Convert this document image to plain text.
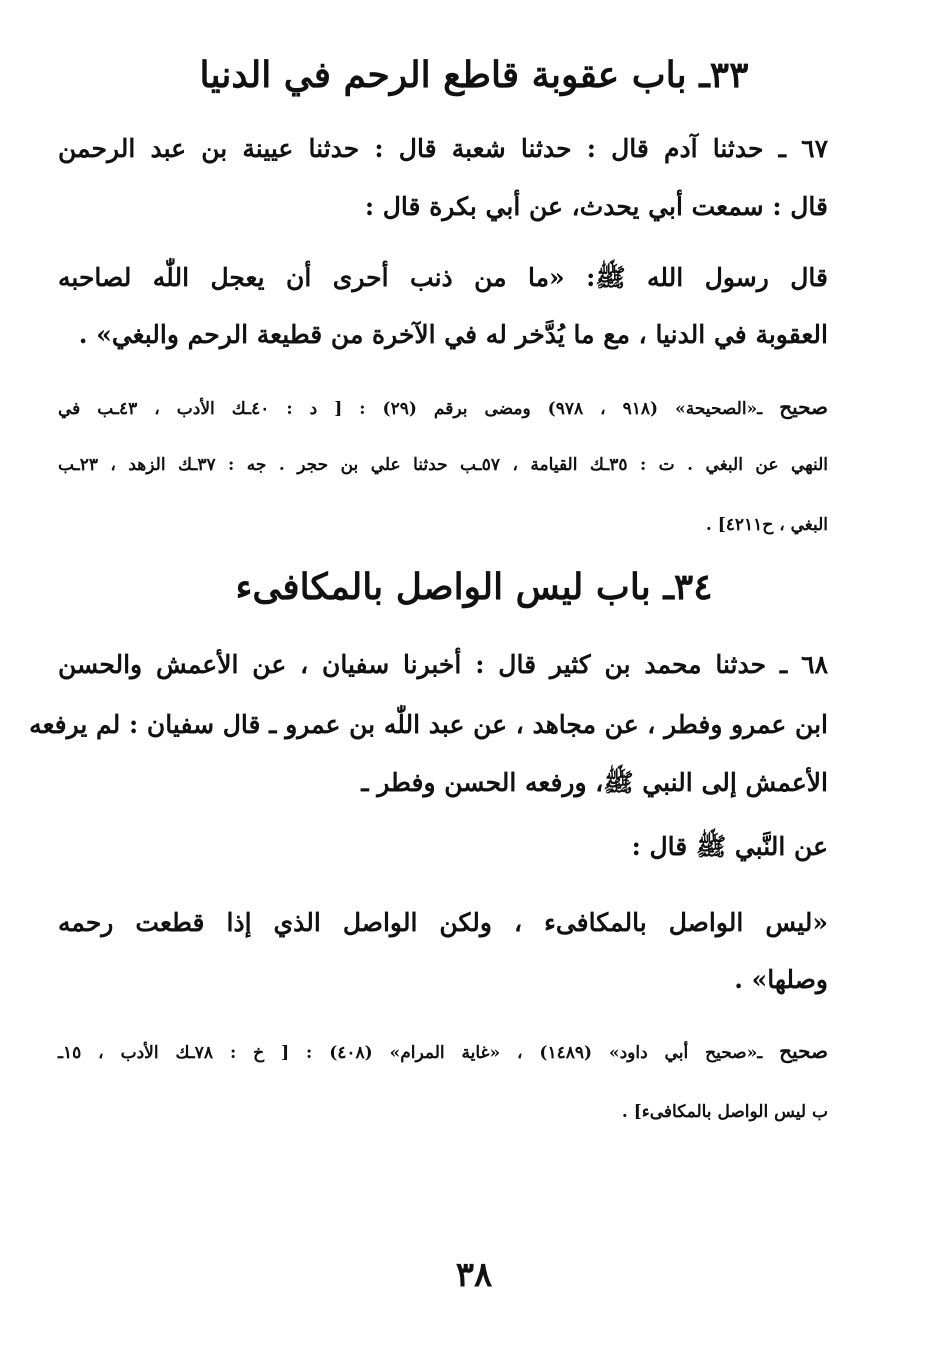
٣٣ـ باب عقوبة قاطع الرحم في الدنيا
٦٧ ـ حدثنا آدم قال : حدثنا شعبة قال : حدثنا عيينة بن عبد الرحمن
قال : سمعت أبي يحدث، عن أبي بكرة قال :
قال رسول الله ﷺ: «ما من ذنب أحرى أن يعجل اللّٰه لصاحبه
العقوبة في الدنيا ، مع ما يُدَّخر له في الآخرة من قطيعة الرحم والبغي» .
صحيح ـ«الصحيحة» (٩١٨ ، ٩٧٨) ومضى برقم (٢٩) : [ د : ٤٠ـك الأدب ، ٤٣ـب في
النهي عن البغي . ت : ٣٥ـك القيامة ، ٥٧ـب حدثنا علي بن حجر . جه : ٣٧ـك الزهد ، ٢٣ـب
البغي ، ح٤٢١١] .
٣٤ـ باب ليس الواصل بالمكافىء
٦٨ ـ حدثنا محمد بن كثير قال : أخبرنا سفيان ، عن الأعمش والحسن
ابن عمرو وفطر ، عن مجاهد ، عن عبد اللّٰه بن عمرو ـ قال سفيان : لم يرفعه
الأعمش إلى النبي ﷺ، ورفعه الحسن وفطر ـ
عن النَّبي ﷺ قال :
«ليس الواصل بالمكافىء ، ولكن الواصل الذي إذا قطعت رحمه
وصلها» .
صحيح ـ«صحيح أبي داود» (١٤٨٩) ، «غاية المرام» (٤٠٨) : [ خ : ٧٨ـك الأدب ، ١٥ـ
ب ليس الواصل بالمكافىء] .
٣٨
